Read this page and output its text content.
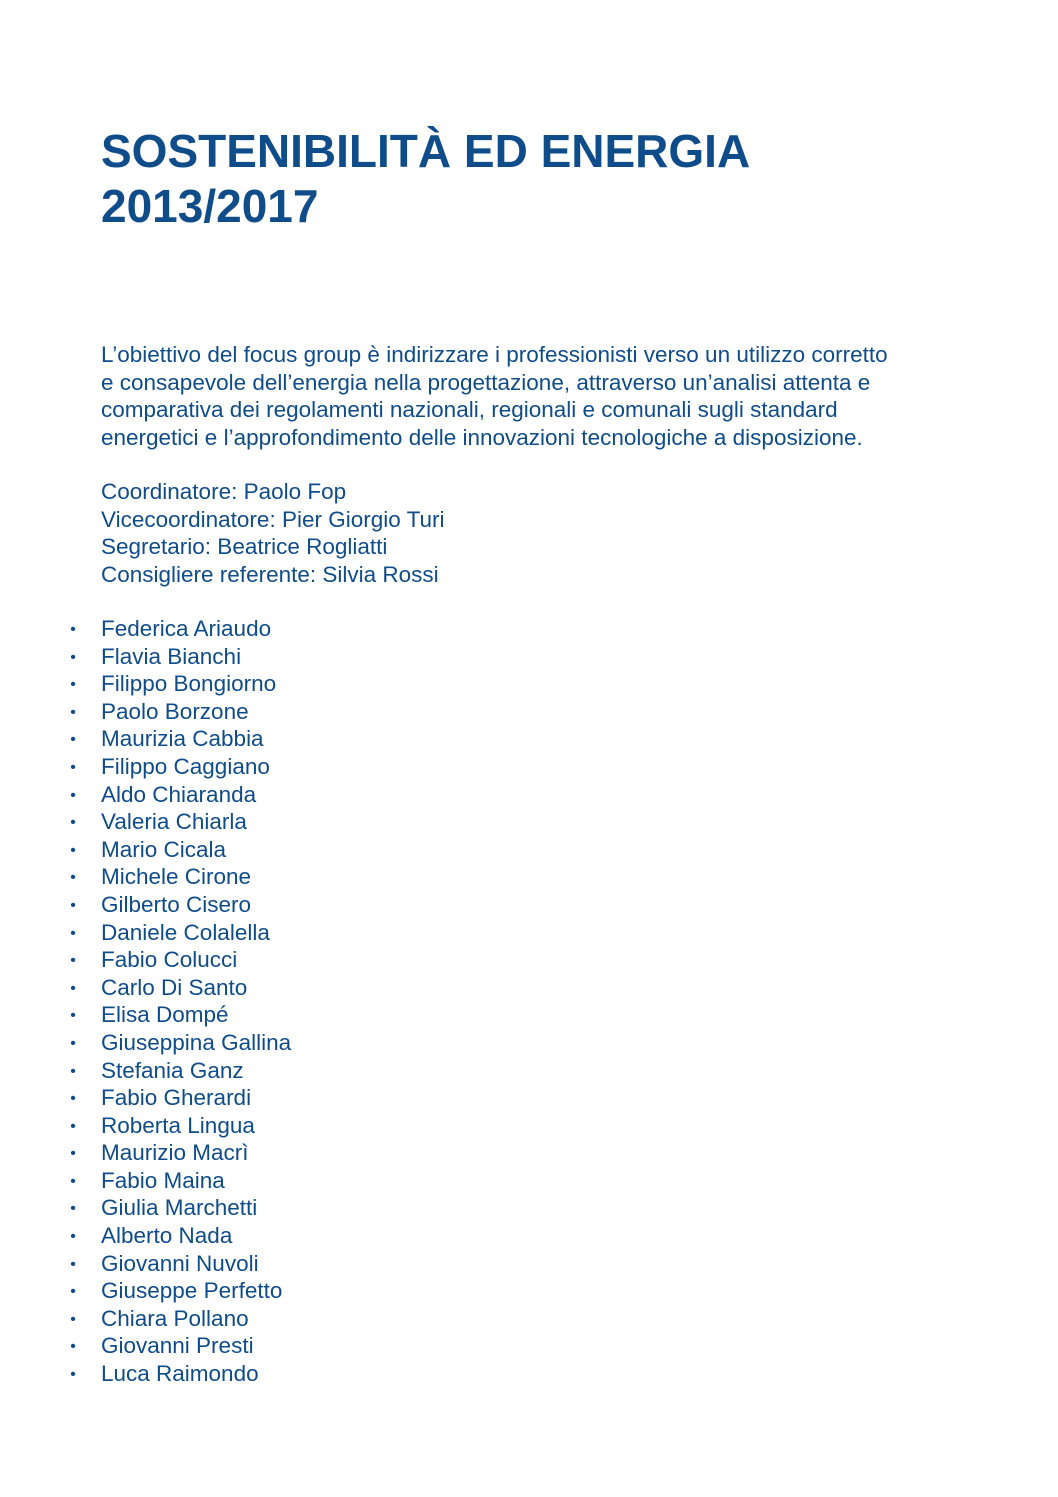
SOSTENIBILITÀ ED ENERGIA
2013/2017

L’obiettivo del focus group è indirizzare i professionisti verso un utilizzo corretto
e consapevole dell’energia nella progettazione, attraverso un’analisi attenta e
comparativa dei regolamenti nazionali, regionali e comunali sugli standard
energetici e l’approfondimento delle innovazioni tecnologiche a disposizione.

Coordinatore: Paolo Fop
Vicecoordinatore: Pier Giorgio Turi
Segretario: Beatrice Rogliatti
Consigliere referente: Silvia Rossi
• Federica Ariaudo
• Flavia Bianchi
• Filippo Bongiorno
• Paolo Borzone
• Maurizia Cabbia
• Filippo Caggiano
• Aldo Chiaranda
• Valeria Chiarla
• Mario Cicala
• Michele Cirone
• Gilberto Cisero
• Daniele Colalella
• Fabio Colucci
• Carlo Di Santo
• Elisa Dompé
• Giuseppina Gallina
• Stefania Ganz
• Fabio Gherardi
• Roberta Lingua
• Maurizio Macrì
• Fabio Maina
• Giulia Marchetti
• Alberto Nada
• Giovanni Nuvoli
• Giuseppe Perfetto
• Chiara Pollano
• Giovanni Presti
• Luca Raimondo
